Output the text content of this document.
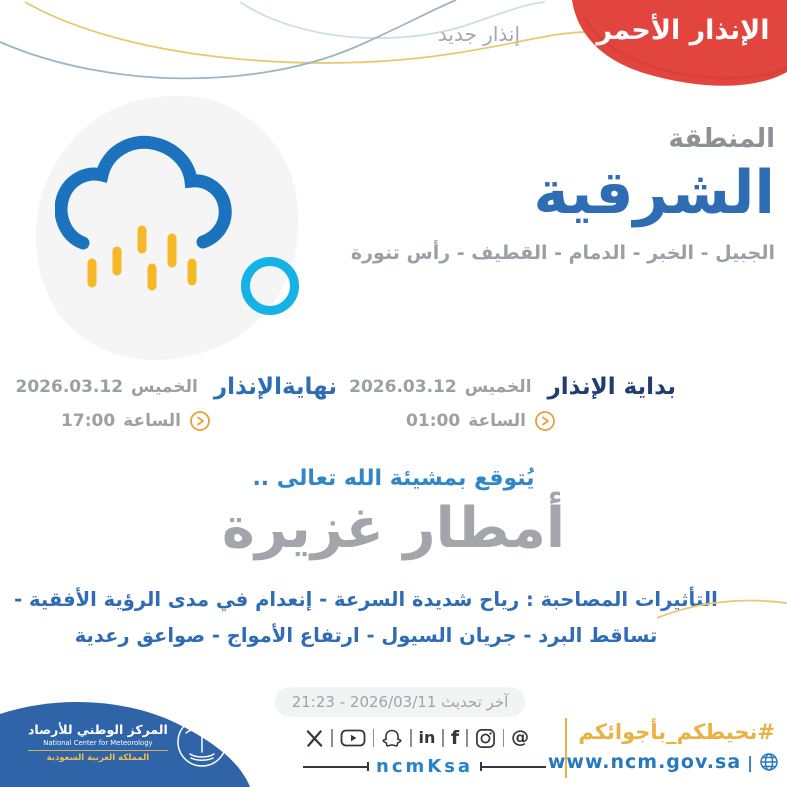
الإنذار الأحمر
إنذار جديد
المنطقة
الشرقية
الجبيل - الخبر - الدمام - القطيف - رأس تنورة
بداية الإنذار
الخميس
2026.03.12
الساعة
01:00
نهايةالإنذار
الخميس
2026.03.12
الساعة
17:00
يُتوقع بمشيئة الله تعالى ..
أمطار غزيرة
التأثيرات المصاحبة : رياح شديدة السرعة - إنعدام في مدى الرؤية الأفقية -
تساقط البرد - جريان السيول - ارتفاع الأمواج - صواعق رعدية
آخر تحديث 2026/03/11 - 21:23
المركز الوطني للأرصاد
National Center for Meteorology
المملكة العربية السعودية
in f	@
ncmKsa
#نحيطكم_بأجوائكم
www.ncm.gov.sa |
